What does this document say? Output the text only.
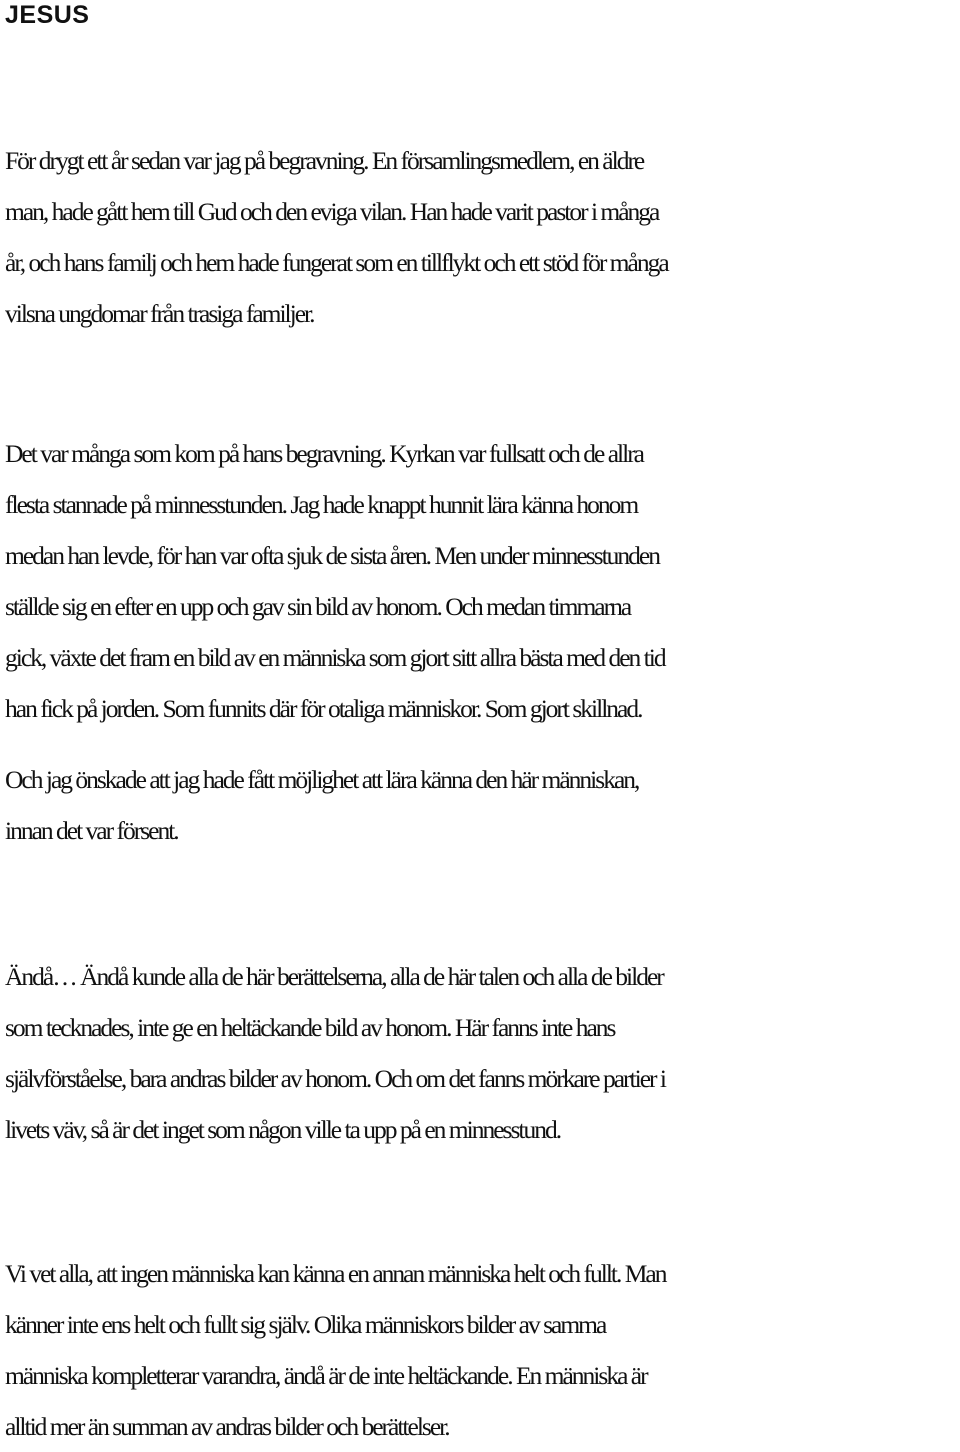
JESUS

För drygt ett år sedan var jag på begravning. En församlingsmedlem, en äldre
man, hade gått hem till Gud och den eviga vilan. Han hade varit pastor i många
år, och hans familj och hem hade fungerat som en tillflykt och ett stöd för många
vilsna ungdomar från trasiga familjer.

Det var många som kom på hans begravning. Kyrkan var fullsatt och de allra
flesta stannade på minnesstunden. Jag hade knappt hunnit lära känna honom
medan han levde, för han var ofta sjuk de sista åren. Men under minnesstunden
ställde sig en efter en upp och gav sin bild av honom. Och medan timmarna
gick, växte det fram en bild av en människa som gjort sitt allra bästa med den tid
han fick på jorden. Som funnits där för otaliga människor. Som gjort skillnad.

Och jag önskade att jag hade fått möjlighet att lära känna den här människan,
innan det var försent.

Ändå… Ändå kunde alla de här berättelserna, alla de här talen och alla de bilder
som tecknades, inte ge en heltäckande bild av honom. Här fanns inte hans
självförståelse, bara andras bilder av honom. Och om det fanns mörkare partier i
livets väv, så är det inget som någon ville ta upp på en minnesstund.

Vi vet alla, att ingen människa kan känna en annan människa helt och fullt. Man
känner inte ens helt och fullt sig själv. Olika människors bilder av samma
människa kompletterar varandra, ändå är de inte heltäckande. En människa är
alltid mer än summan av andras bilder och berättelser.
